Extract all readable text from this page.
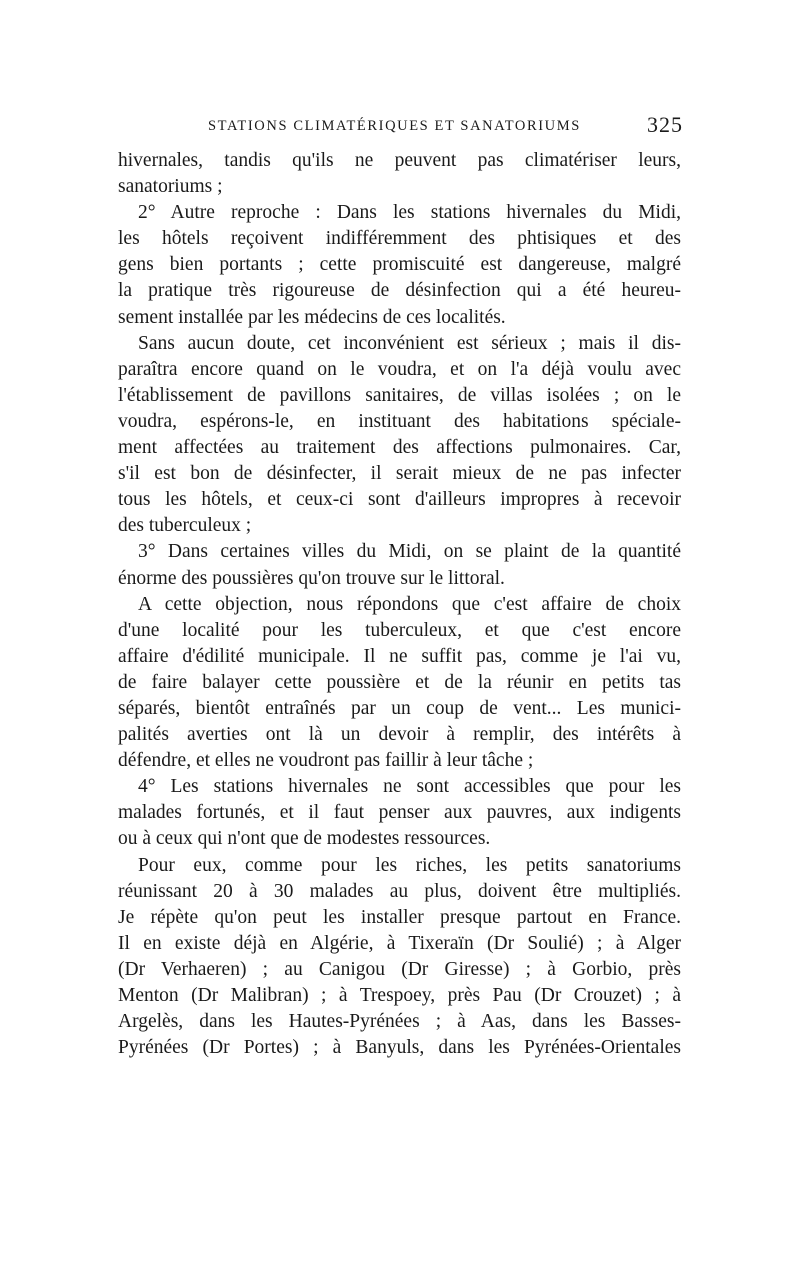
STATIONS CLIMATÉRIQUES ET SANATORIUMS	325
hivernales, tandis qu'ils ne peuvent pas climatériser leurs,
sanatoriums ;
2° Autre reproche : Dans les stations hivernales du Midi,
les hôtels reçoivent indifféremment des phtisiques et des
gens bien portants ; cette promiscuité est dangereuse, malgré
la pratique très rigoureuse de désinfection qui a été heureu-
sement installée par les médecins de ces localités.
Sans aucun doute, cet inconvénient est sérieux ; mais il dis-
paraîtra encore quand on le voudra, et on l'a déjà voulu avec
l'établissement de pavillons sanitaires, de villas isolées ; on le
voudra, espérons-le, en instituant des habitations spéciale-
ment affectées au traitement des affections pulmonaires. Car,
s'il est bon de désinfecter, il serait mieux de ne pas infecter
tous les hôtels, et ceux-ci sont d'ailleurs impropres à recevoir
des tuberculeux ;
3° Dans certaines villes du Midi, on se plaint de la quantité
énorme des poussières qu'on trouve sur le littoral.
A cette objection, nous répondons que c'est affaire de choix
d'une localité pour les tuberculeux, et que c'est encore
affaire d'édilité municipale. Il ne suffit pas, comme je l'ai vu,
de faire balayer cette poussière et de la réunir en petits tas
séparés, bientôt entraînés par un coup de vent... Les munici-
palités averties ont là un devoir à remplir, des intérêts à
défendre, et elles ne voudront pas faillir à leur tâche ;
4° Les stations hivernales ne sont accessibles que pour les
malades fortunés, et il faut penser aux pauvres, aux indigents
ou à ceux qui n'ont que de modestes ressources.
Pour eux, comme pour les riches, les petits sanatoriums
réunissant 20 à 30 malades au plus, doivent être multipliés.
Je répète qu'on peut les installer presque partout en France.
Il en existe déjà en Algérie, à Tixeraïn (Dr Soulié) ; à Alger
(Dr Verhaeren) ; au Canigou (Dr Giresse) ; à Gorbio, près
Menton (Dr Malibran) ; à Trespoey, près Pau (Dr Crouzet) ; à
Argelès, dans les Hautes-Pyrénées ; à Aas, dans les Basses-
Pyrénées (Dr Portes) ; à Banyuls, dans les Pyrénées-Orientales
